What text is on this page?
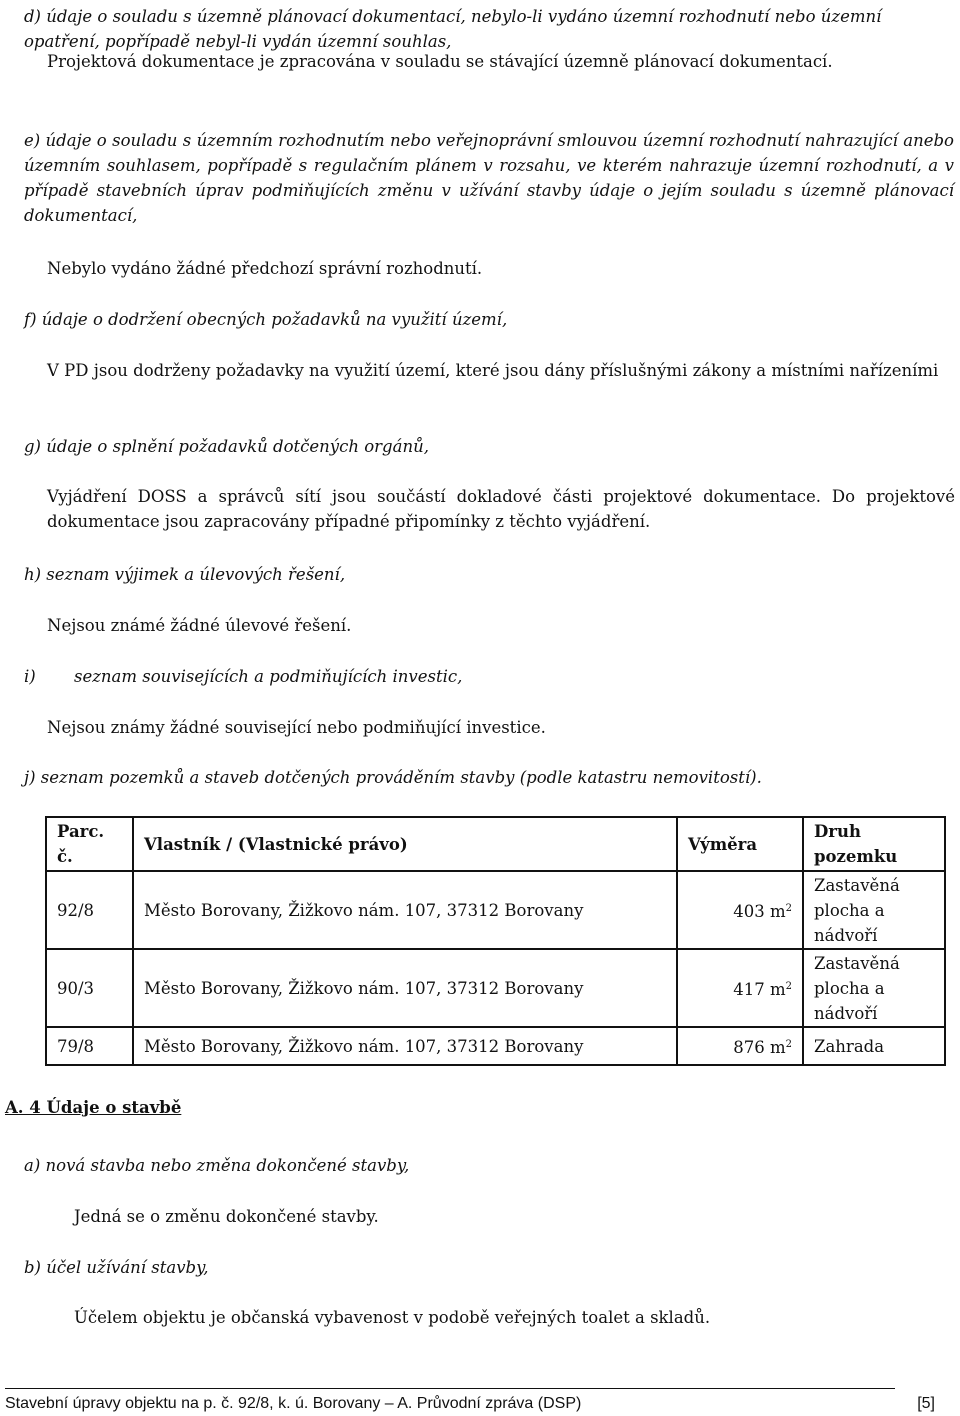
d) údaje o souladu s územně plánovací dokumentací, nebylo-li vydáno územní rozhodnutí nebo územní opatření, popřípadě nebyl-li vydán územní souhlas,

Projektová dokumentace je zpracována v souladu se stávající územně plánovací dokumentací.

e) údaje o souladu s územním rozhodnutím nebo veřejnoprávní smlouvou územní rozhodnutí nahrazující anebo územním souhlasem, popřípadě s regulačním plánem v rozsahu, ve kterém nahrazuje územní rozhodnutí, a v případě stavebních úprav podmiňujících změnu v užívání stavby údaje o jejím souladu s územně plánovací dokumentací,

Nebylo vydáno žádné předchozí správní rozhodnutí.

f) údaje o dodržení obecných požadavků na využití území,

V PD jsou dodrženy požadavky na využití území, které jsou dány příslušnými zákony a místními nařízeními

g) údaje o splnění požadavků dotčených orgánů,

Vyjádření DOSS a správců sítí jsou součástí dokladové části projektové dokumentace. Do projektové dokumentace jsou zapracovány případné připomínky z těchto vyjádření.

h) seznam výjimek a úlevových řešení,

Nejsou známé žádné úlevové řešení.

i) seznam souvisejících a podmiňujících investic,

Nejsou známy žádné související nebo podmiňující investice.

j) seznam pozemků a staveb dotčených prováděním stavby (podle katastru nemovitostí).

Parc. č.	Vlastník / (Vlastnické právo)	Výměra	Druh pozemku
92/8	Město Borovany, Žižkovo nám. 107, 37312 Borovany	403 $m^2$	Zastavěná plocha a nádvoří
90/3	Město Borovany, Žižkovo nám. 107, 37312 Borovany	417 $m^2$	Zastavěná plocha a nádvoří
79/8	Město Borovany, Žižkovo nám. 107, 37312 Borovany	876 $m^2$	Zahrada
A. 4 Údaje o stavbě

a) nová stavba nebo změna dokončené stavby,

Jedná se o změnu dokončené stavby.

b) účel užívání stavby,

Účelem objektu je občanská vybavenost v podobě veřejných toalet a skladů.

Stavební úpravy objektu na p. č. 92/8, k. ú. Borovany – A. Průvodní zpráva (DSP)	[5]
